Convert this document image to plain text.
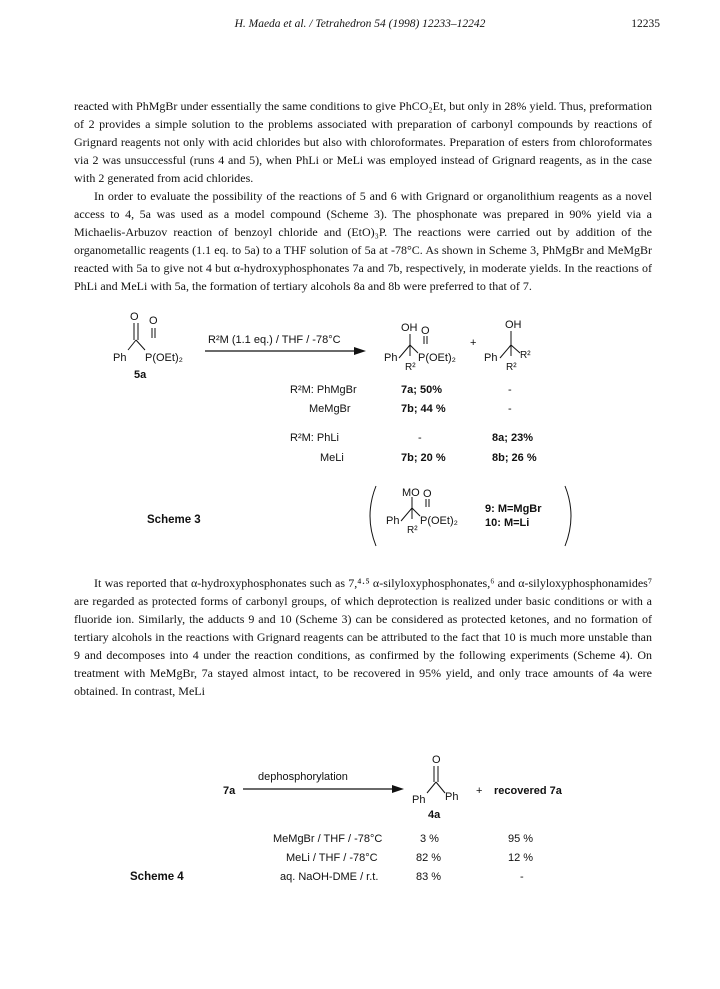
H. Maeda et al. / Tetrahedron 54 (1998) 12233–12242	12235

reacted with PhMgBr under essentially the same conditions to give PhCO₂Et, but only in 28% yield. Thus, preformation of 2 provides a simple solution to the problems associated with preparation of carbonyl compounds by reactions of Grignard reagents not only with acid chlorides but also with chloroformates. Preparation of esters from chloroformates via 2 was unsuccessful (runs 4 and 5), when PhLi or MeLi was employed instead of Grignard reagents, as in the case with 2 generated from acid chlorides.

In order to evaluate the possibility of the reactions of 5 and 6 with Grignard or organolithium reagents as a novel access to 4, 5a was used as a model compound (Scheme 3). The phosphonate was prepared in 90% yield via a Michaelis-Arbuzov reaction of benzoyl chloride and (EtO)₃P. The reactions were carried out by addition of the organometallic reagents (1.1 eq. to 5a) to a THF solution of 5a at -78°C. As shown in Scheme 3, PhMgBr and MeMgBr reacted with 5a to give not 4 but α-hydroxyphosphonates 7a and 7b, respectively, in moderate yields. In the reactions of PhLi and MeLi with 5a, the formation of tertiary alcohols 8a and 8b were preferred to that of 7.

O O
Ph P(OEt)₂
5a
R²M (1.1 eq.) / THF / -78°C
OH O
Ph P(OEt)₂
R²
+
OH
Ph R²
R²
MO O
Ph P(OEt)₂
R²
9: M=MgBr
10: M=Li
R²M: PhMgBr	7a; 50%	-
MeMgBr	7b; 44 %	-
R²M: PhLi	-	8a; 23%
MeLi	7b; 20 %	8b; 26 %
Scheme 3

It was reported that α-hydroxyphosphonates such as 7,⁴·⁵ α-silyloxyphosphonates,⁶ and α-silyloxyphosphonamides⁷ are regarded as protected forms of carbonyl groups, of which deprotection is realized under basic conditions or with a fluoride ion. Similarly, the adducts 9 and 10 (Scheme 3) can be considered as protected ketones, and no formation of tertiary alcohols in the reactions with Grignard reagents can be attributed to the fact that 10 is much more unstable than 9 and decomposes into 4 under the reaction conditions, as confirmed by the following experiments (Scheme 4). On treatment with MeMgBr, 7a stayed almost intact, to be recovered in 95% yield, and only trace amounts of 4a were obtained. In contrast, MeLi

7a
dephosphorylation
O
Ph Ph
4a
+ recovered 7a
MeMgBr / THF / -78°C	3 %	95 %
MeLi / THF / -78°C	82 %	12 %
aq. NaOH-DME / r.t.	83 %	-
Scheme 4
